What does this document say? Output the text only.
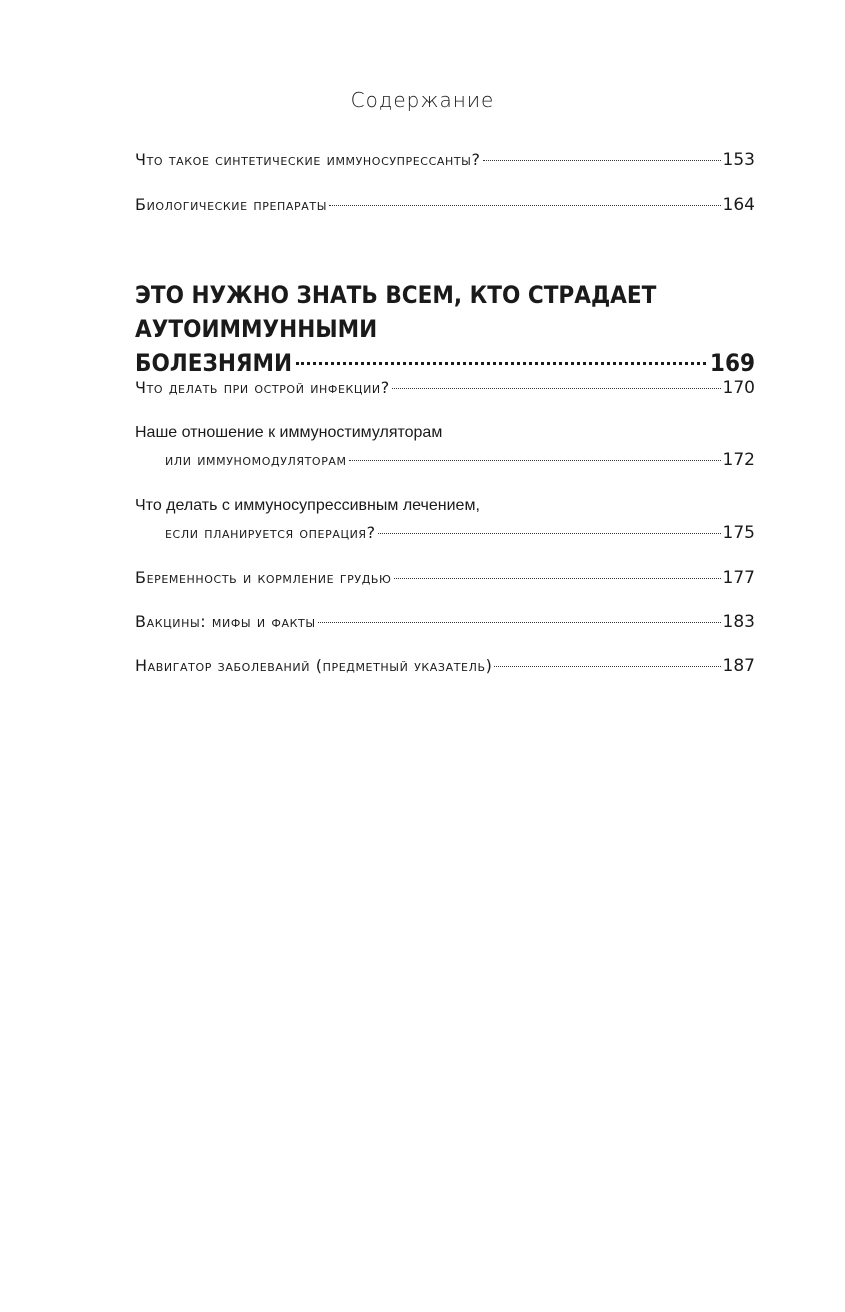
Содержание
Что такое синтетические иммуносупрессанты?	153
Биологические препараты	164
ЭТО НУЖНО ЗНАТЬ ВСЕМ, КТО СТРАДАЕТ АУТОИММУННЫМИ
БОЛЕЗНЯМИ	169
Что делать при острой инфекции?	170
Наше отношение к иммуностимуляторам
или иммуномодуляторам	172
Что делать с иммуносупрессивным лечением,
если планируется операция?	175
Беременность и кормление грудью	177
Вакцины: мифы и факты	183
Навигатор заболеваний (предметный указатель)	187
